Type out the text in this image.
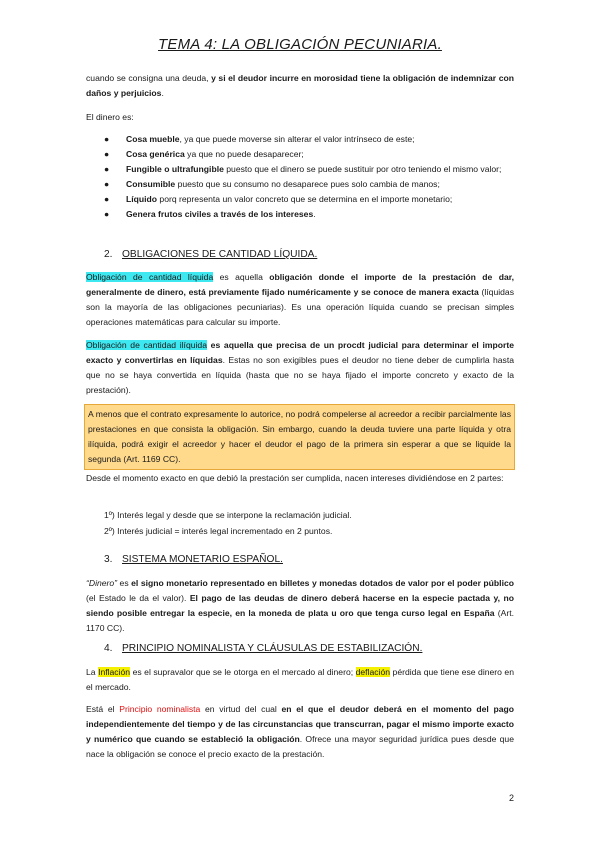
TEMA 4: LA OBLIGACIÓN PECUNIARIA.

cuando se consigna una deuda, y si el deudor incurre en morosidad tiene la obligación de indemnizar con daños y perjuicios.

El dinero es:

●	Cosa mueble, ya que puede moverse sin alterar el valor intrínseco de este;
●	Cosa genérica ya que no puede desaparecer;
●	Fungible o ultrafungible puesto que el dinero se puede sustituir por otro teniendo el mismo valor;
●	Consumible puesto que su consumo no desaparece pues solo cambia de manos;
●	Líquido porq representa un valor concreto que se determina en el importe monetario;
●	Genera frutos civiles a través de los intereses.
2. OBLIGACIONES DE CANTIDAD LÍQUIDA.

Obligación de cantidad líquida es aquella obligación donde el importe de la prestación de dar, generalmente de dinero, está previamente fijado numéricamente y se conoce de manera exacta (líquidas son la mayoría de las obligaciones pecuniarias). Es una operación líquida cuando se precisan simples operaciones matemáticas para calcular su importe.

Obligación de cantidad ilíquida es aquella que precisa de un procdt judicial para determinar el importe exacto y convertirlas en líquidas. Estas no son exigibles pues el deudor no tiene deber de cumplirla hasta que no se haya convertida en líquida (hasta que no se haya fijado el importe concreto y exacto de la prestación).

A menos que el contrato expresamente lo autorice, no podrá compelerse al acreedor a recibir parcialmente las prestaciones en que consista la obligación. Sin embargo, cuando la deuda tuviere una parte líquida y otra ilíquida, podrá exigir el acreedor y hacer el deudor el pago de la primera sin esperar a que se liquide la segunda (Art. 1169 CC).

Desde el momento exacto en que debió la prestación ser cumplida, nacen intereses dividiéndose en 2 partes:

1º) Interés legal y desde que se interpone la reclamación judicial.
2º) Interés judicial = interés legal incrementado en 2 puntos.
3. SISTEMA MONETARIO ESPAÑOL.

“Dinero” es el signo monetario representado en billetes y monedas dotados de valor por el poder público (el Estado le da el valor). El pago de las deudas de dinero deberá hacerse en la especie pactada y, no siendo posible entregar la especie, en la moneda de plata u oro que tenga curso legal en España (Art. 1170 CC).

4. PRINCIPIO NOMINALISTA Y CLÁUSULAS DE ESTABILIZACIÓN.

La Inflación es el supravalor que se le otorga en el mercado al dinero; deflación pérdida que tiene ese dinero en el mercado.

Está el Principio nominalista en virtud del cual en el que el deudor deberá en el momento del pago independientemente del tiempo y de las circunstancias que transcurran, pagar el mismo importe exacto y numérico que cuando se estableció la obligación. Ofrece una mayor seguridad jurídica pues desde que nace la obligación se conoce el precio exacto de la prestación.

2
